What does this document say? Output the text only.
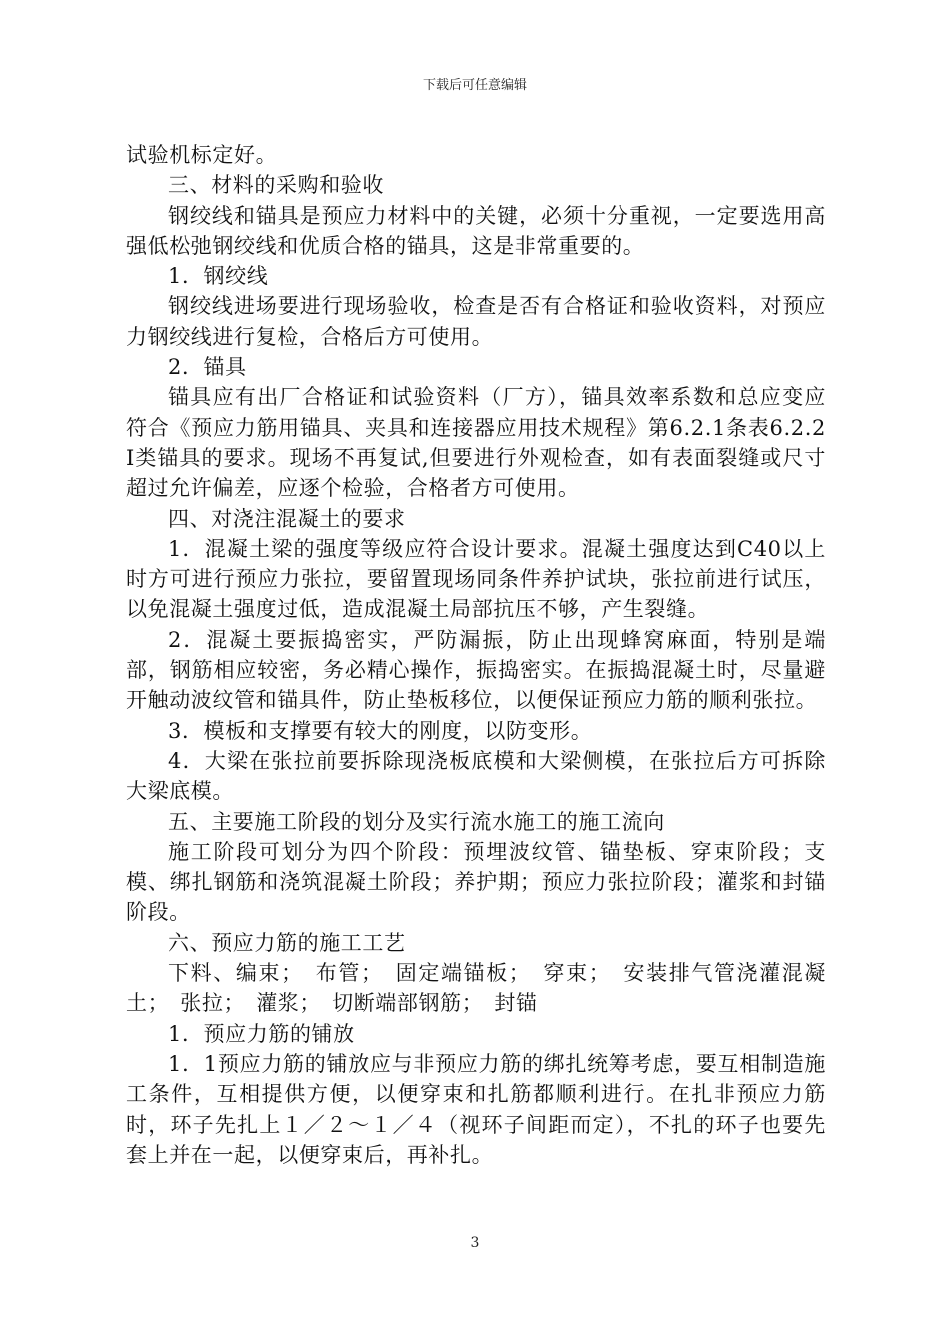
下载后可任意编辑

试验机标定好。

三、材料的采购和验收

钢绞线和锚具是预应力材料中的关键，必须十分重视，一定要选用高强低松弛钢绞线和优质合格的锚具，这是非常重要的。

1．钢绞线

钢绞线进场要进行现场验收，检查是否有合格证和验收资料，对预应力钢绞线进行复检，合格后方可使用。

2．锚具

锚具应有出厂合格证和试验资料（厂方），锚具效率系数和总应变应符合《预应力筋用锚具、夹具和连接器应用技术规程》第6.2.1条表6.2.2I类锚具的要求。现场不再复试,但要进行外观检查，如有表面裂缝或尺寸超过允许偏差，应逐个检验，合格者方可使用。

四、对浇注混凝土的要求

1．混凝土梁的强度等级应符合设计要求。混凝土强度达到C40以上时方可进行预应力张拉，要留置现场同条件养护试块，张拉前进行试压，以免混凝土强度过低，造成混凝土局部抗压不够，产生裂缝。

2．混凝土要振捣密实，严防漏振，防止出现蜂窝麻面，特别是端部，钢筋相应较密，务必精心操作，振捣密实。在振捣混凝土时，尽量避开触动波纹管和锚具件，防止垫板移位，以便保证预应力筋的顺利张拉。

3．模板和支撑要有较大的刚度，以防变形。

4．大梁在张拉前要拆除现浇板底模和大梁侧模，在张拉后方可拆除大梁底模。

五、主要施工阶段的划分及实行流水施工的施工流向

施工阶段可划分为四个阶段：预埋波纹管、锚垫板、穿束阶段；支模、绑扎钢筋和浇筑混凝土阶段；养护期；预应力张拉阶段；灌浆和封锚阶段。

六、预应力筋的施工工艺

下料、编束；　布管；　固定端锚板；　穿束；　安装排气管浇灌混凝土；　张拉；　灌浆；　切断端部钢筋；　封锚

1．预应力筋的铺放

1．1预应力筋的铺放应与非预应力筋的绑扎统筹考虑，要互相制造施工条件，互相提供方便，以便穿束和扎筋都顺利进行。在扎非预应力筋时，环子先扎上１／２～１／４（视环子间距而定），不扎的环子也要先套上并在一起，以便穿束后，再补扎。

3
